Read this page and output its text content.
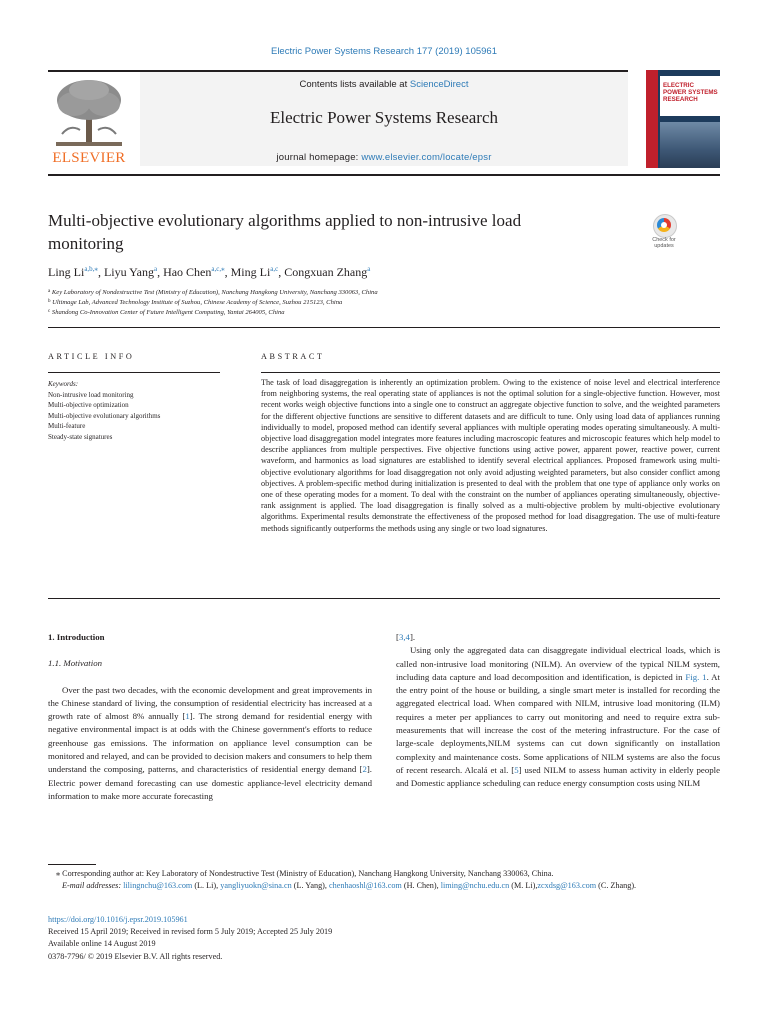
Electric Power Systems Research 177 (2019) 105961
ELSEVIER
Contents lists available at ScienceDirect
Electric Power Systems Research
journal homepage: www.elsevier.com/locate/epsr
ELECTRIC POWER SYSTEMS RESEARCH
Multi-objective evolutionary algorithms applied to non-intrusive load
monitoring	Check for updates
Ling $Li^{a,b,⁎}$, Liyu Yang$^a$, Hao Chen$^{a,c,⁎}$, Ming Li$^{a,c}$, Congxuan Zhang$^a$
$^a$ Key Laboratory of Nondestructive Test (Ministry of Education), Nanchang Hangkong University, Nanchang 330063, China
$^b$ Ultimage Lab, Advanced Technology Institute of Suzhou, Chinese Academy of Science, Suzhou 215123, China
$^c$ Shandong Co-Innovation Center of Future Intelligent Computing, Yantai 264005, China
ARTICLE INFO	ABSTRACT
Keywords:
Non-intrusive load monitoring
Multi-objective optimization
Multi-objective evolutionary algorithms
Multi-feature
Steady-state signatures
The task of load disaggregation is inherently an optimization problem. Owing to the existence of noise level and electrical interference from neighboring systems, the real operating state of appliances is not the optimal solution for a single-objective function. However, most recent works weigh objective functions into a single one to construct an aggregate objective function to solve, and the weighted parameters for the different objective functions are sensitive to different datasets and are difficult to tune. Only using load data of appliances running individually to model, proposed method can identify several appliances with multiple operating modes operating simultaneously. A multi-objective load disaggregation model integrates more features including macroscopic features and microscopic features which help model to describe appliances from multiple perspectives. Five objective functions using active power, apparent power, reactive power, current waveform, and harmonics as load signatures are established to identify several electrical appliances. Proposed framework using multi-objective evolutionary algorithms for load disaggregation not only avoid adjusting weighted parameters, but also consider conflict among objectives. A problem-specific method during initialization is presented to deal with the problem that one type of appliance only works on one of these operating modes for a moment. To deal with the constraint on the number of appliances operating simultaneously, objective-rank assignment is applied. The load disaggregation is finally solved as a multi-objective problem by multi-objective evolutionary algorithms. Experimental results demonstrate the effectiveness of the proposed method for load disaggregation. The use of multi-feature methods significantly outperforms the methods using any single or two load signatures.
1. Introduction
1.1. Motivation

Over the past two decades, with the economic development and great improvements in the Chinese standard of living, the consumption of residential electricity has increased at a growth rate of almost 8% annually [1]. The strong demand for residential energy with negative environmental impact is at odds with the Chinese government's efforts to reduce greenhouse gas emissions. The information on appliance level consumption can be monitored and relayed, and can be provided to decision makers and consumers to help them understand the composing, patterns, and characteristics of residential energy demand [2]. Electric power demand forecasting can use domestic appliance-level electricity demand information to make more accurate forecasting

[3,4].

Using only the aggregated data can disaggregate individual electrical loads, which is called non-intrusive load monitoring (NILM). An overview of the typical NILM system, including data capture and load decomposition and identification, is depicted in Fig. 1. At the entry point of the house or building, a single smart meter is installed for recording the aggregated electrical load. When compared with NILM, intrusive load monitoring (ILM) requires a meter per appliances to carry out monitoring and need to require extra sub-measurements that will increase the cost of the metering infrastructure. For the case of large-scale deployments,NILM systems can cut down significantly on installation complexity and maintenance costs. Some applications of NILM systems are also the focus of recent research. Alcalá et al. [5] used NILM to assess human activity in elderly people and Domestic appliance scheduling can reduce energy consumption costs using NILM

⁎ Corresponding author at: Key Laboratory of Nondestructive Test (Ministry of Education), Nanchang Hangkong University, Nanchang 330063, China.
E-mail addresses: lilingnchu@163.com (L. Li), yangliyuokn@sina.cn (L. Yang), chenhaoshl@163.com (H. Chen), liming@nchu.edu.cn (M. Li),zcxdsg@163.com (C. Zhang).
https://doi.org/10.1016/j.epsr.2019.105961
Received 15 April 2019; Received in revised form 5 July 2019; Accepted 25 July 2019
Available online 14 August 2019
0378-7796/ © 2019 Elsevier B.V. All rights reserved.
